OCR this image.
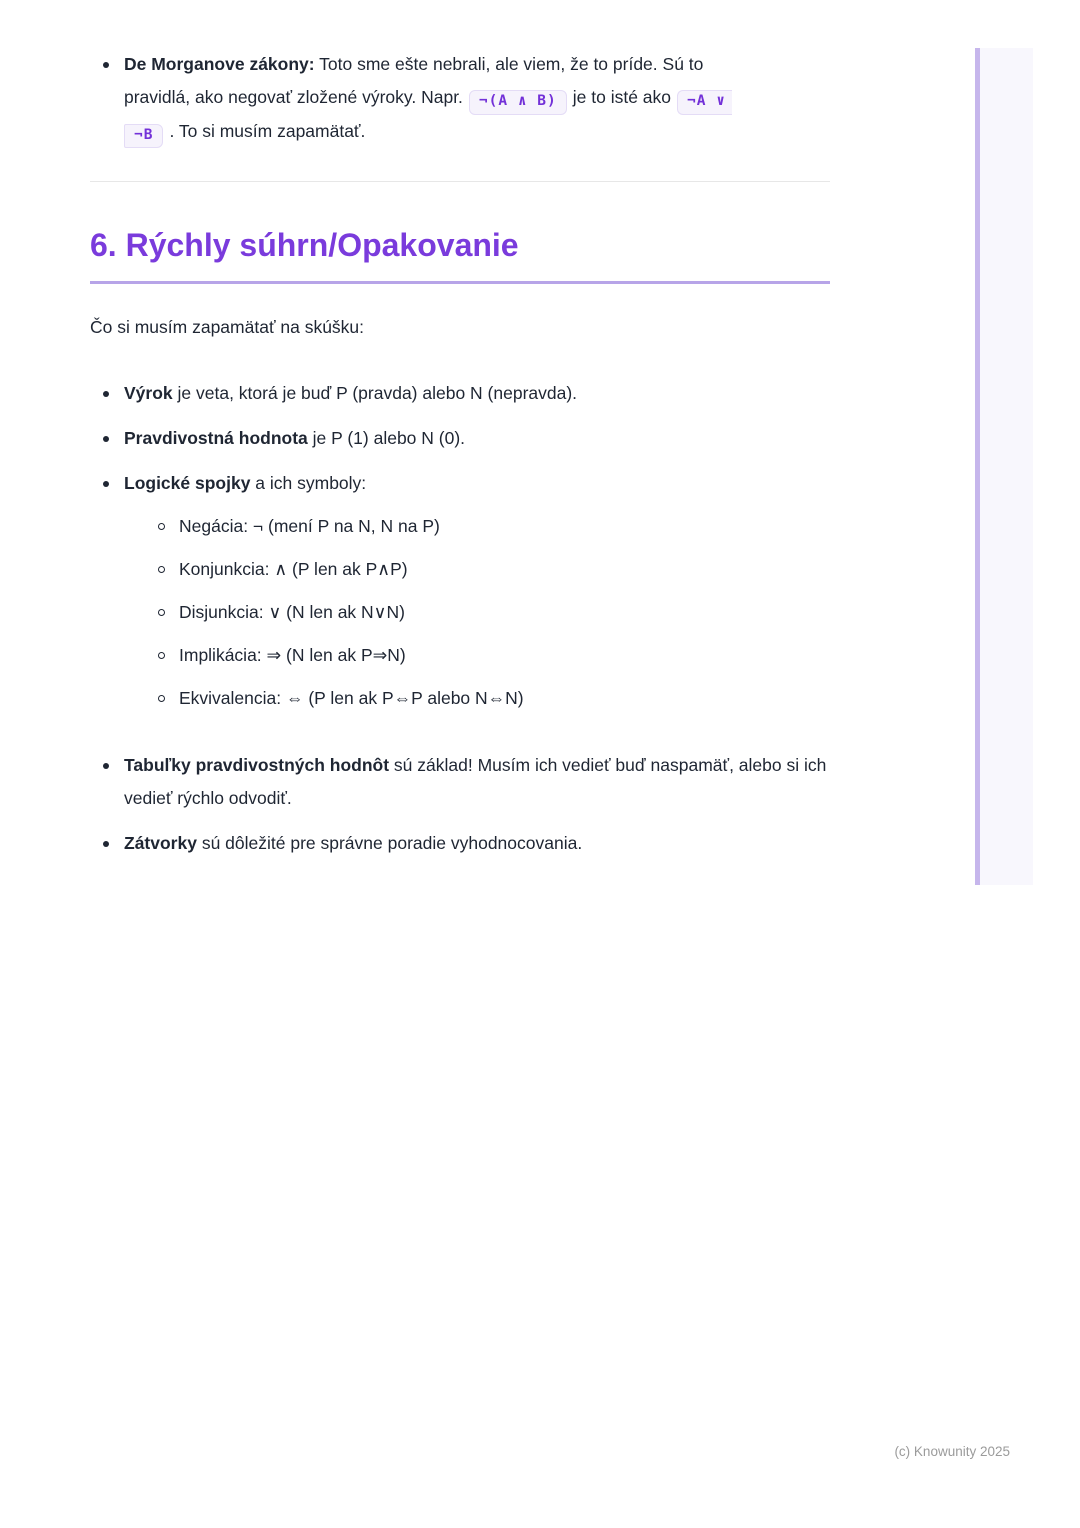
De Morganove zákony: Toto sme ešte nebrali, ale viem, že to príde. Sú to
pravidlá, ako negovať zložené výroky. Napr. ¬(A ∧ B) je to isté ako ¬A ∨
¬B . To si musím zapamätať.
6. Rýchly súhrn/Opakovanie

Čo si musím zapamätať na skúšku:

Výrok je veta, ktorá je buď P (pravda) alebo N (nepravda).
Pravdivostná hodnota je P (1) alebo N (0).
Logické spojky a ich symboly:
Negácia: ¬ (mení P na N, N na P)
Konjunkcia: ∧ (P len ak P∧P)
Disjunkcia: ∨ (N len ak N∨N)
Implikácia: ⇒ (N len ak P⇒N)
Ekvivalencia: ⇔ (P len ak P⇔P alebo N⇔N)
Tabuľky pravdivostných hodnôt sú základ! Musím ich vedieť buď naspamäť, alebo si ich vedieť rýchlo odvodiť.
Zátvorky sú dôležité pre správne poradie vyhodnocovania.
(c) Knowunity 2025
